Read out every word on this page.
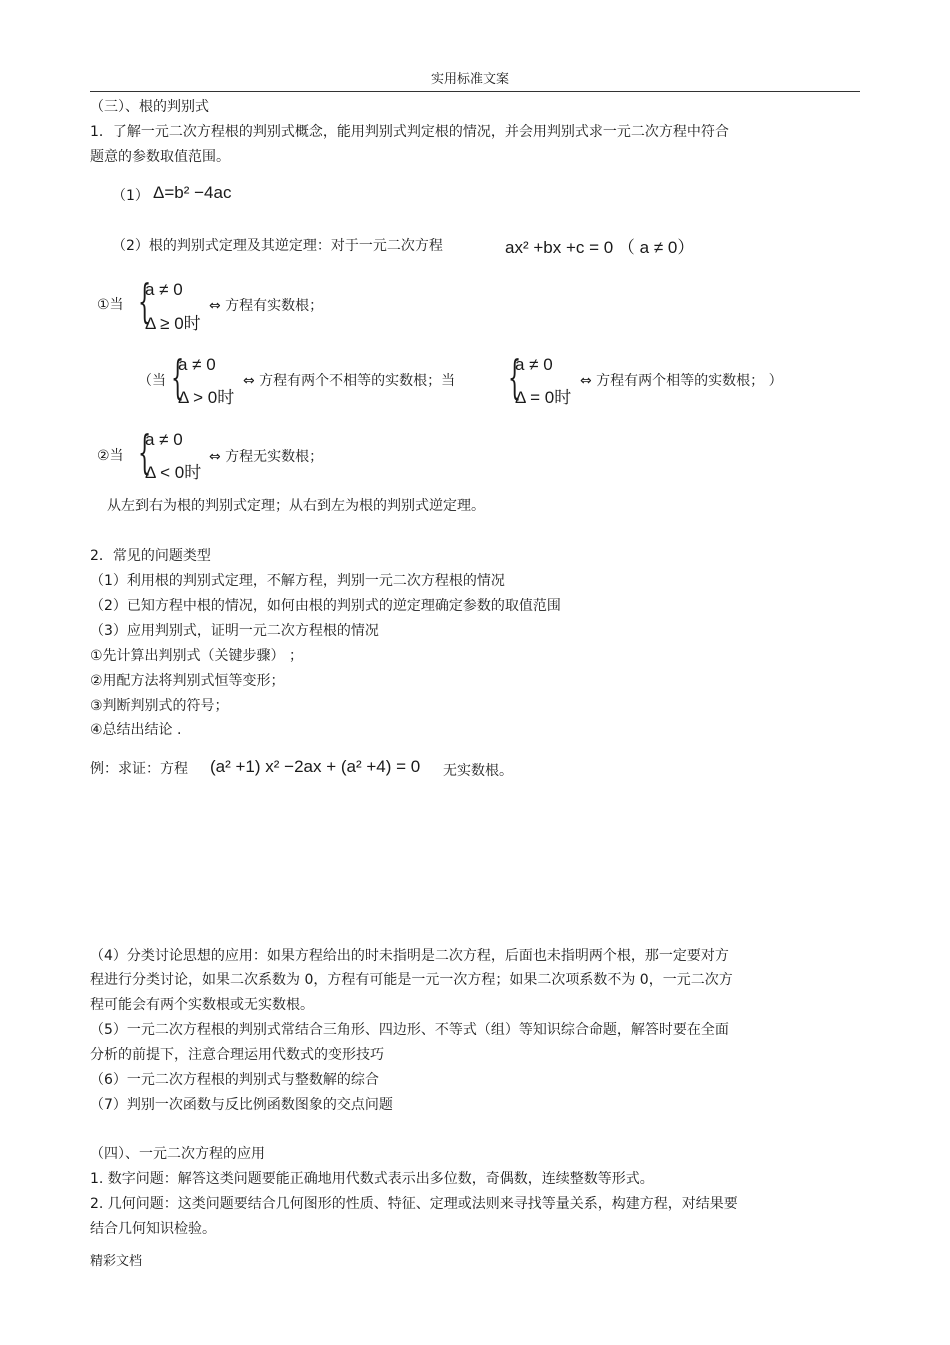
实用标准文案
（三）、根的判别式
1．了解一元二次方程根的判别式概念，能用判别式判定根的情况，并会用判别式求一元二次方程中符合
题意的参数取值范围。
（1） Δ=b² −4ac
（2）根的判别式定理及其逆定理：对于一元二次方程	ax² +bx +c = 0 （ a ≠ 0）
①当 {
a ≠ 0
Δ ≥ 0时
⇔ 方程有实数根；
（当 {
a ≠ 0
Δ > 0时
⇔ 方程有两个不相等的实数根；当 {
a ≠ 0
Δ = 0时
⇔ 方程有两个相等的实数根； ）
②当 {
a ≠ 0
Δ < 0时
⇔ 方程无实数根；
从左到右为根的判别式定理；从右到左为根的判别式逆定理。
2．常见的问题类型
（1）利用根的判别式定理，不解方程，判别一元二次方程根的情况
（2）已知方程中根的情况，如何由根的判别式的逆定理确定参数的取值范围
（3）应用判别式，证明一元二次方程根的情况
①先计算出判别式（关键步骤） ；
②用配方法将判别式恒等变形；
③判断判别式的符号；
④总结出结论 .
例：求证：方程 (a² +1) x² −2ax + (a² +4) = 0 无实数根。
（4）分类讨论思想的应用：如果方程给出的时未指明是二次方程，后面也未指明两个根，那一定要对方
程进行分类讨论，如果二次系数为 0，方程有可能是一元一次方程；如果二次项系数不为 0，一元二次方
程可能会有两个实数根或无实数根。
（5）一元二次方程根的判别式常结合三角形、四边形、不等式（组）等知识综合命题，解答时要在全面
分析的前提下，注意合理运用代数式的变形技巧
（6）一元二次方程根的判别式与整数解的综合
（7）判别一次函数与反比例函数图象的交点问题
（四）、一元二次方程的应用
1. 数字问题：解答这类问题要能正确地用代数式表示出多位数，奇偶数，连续整数等形式。
2. 几何问题：这类问题要结合几何图形的性质、特征、定理或法则来寻找等量关系，构建方程，对结果要
结合几何知识检验。
精彩文档
